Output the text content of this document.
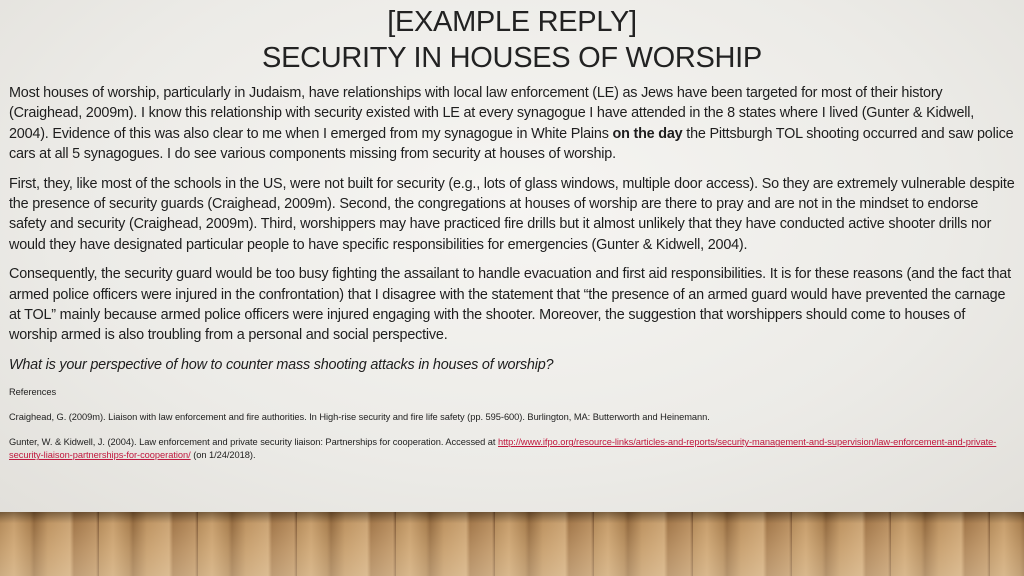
[EXAMPLE REPLY]
SECURITY IN HOUSES OF WORSHIP

Most houses of worship, particularly in Judaism, have relationships with local law enforcement (LE) as Jews have been targeted for most of their history (Craighead, 2009m). I know this relationship with security existed with LE at every synagogue I have attended in the 8 states where I lived (Gunter & Kidwell, 2004). Evidence of this was also clear to me when I emerged from my synagogue in White Plains on the day the Pittsburgh TOL shooting occurred and saw police cars at all 5 synagogues. I do see various components missing from security at houses of worship.

First, they, like most of the schools in the US, were not built for security (e.g., lots of glass windows, multiple door access). So they are extremely vulnerable despite the presence of security guards (Craighead, 2009m). Second, the congregations at houses of worship are there to pray and are not in the mindset to endorse safety and security (Craighead, 2009m). Third, worshippers may have practiced fire drills but it almost unlikely that they have conducted active shooter drills nor would they have designated particular people to have specific responsibilities for emergencies (Gunter & Kidwell, 2004).

Consequently, the security guard would be too busy fighting the assailant to handle evacuation and first aid responsibilities. It is for these reasons (and the fact that armed police officers were injured in the confrontation) that I disagree with the statement that “the presence of an armed guard would have prevented the carnage at TOL” mainly because armed police officers were injured engaging with the shooter. Moreover, the suggestion that worshippers should come to houses of worship armed is also troubling from a personal and social perspective.

What is your perspective of how to counter mass shooting attacks in houses of worship?

References

Craighead, G. (2009m). Liaison with law enforcement and fire authorities. In High-rise security and fire life safety (pp. 595-600). Burlington, MA: Butterworth and Heinemann.

Gunter, W. & Kidwell, J. (2004). Law enforcement and private security liaison: Partnerships for cooperation. Accessed at http://www.ifpo.org/resource-links/articles-and-reports/security-management-and-supervision/law-enforcement-and-private-security-liaison-partnerships-for-cooperation/ (on 1/24/2018).
